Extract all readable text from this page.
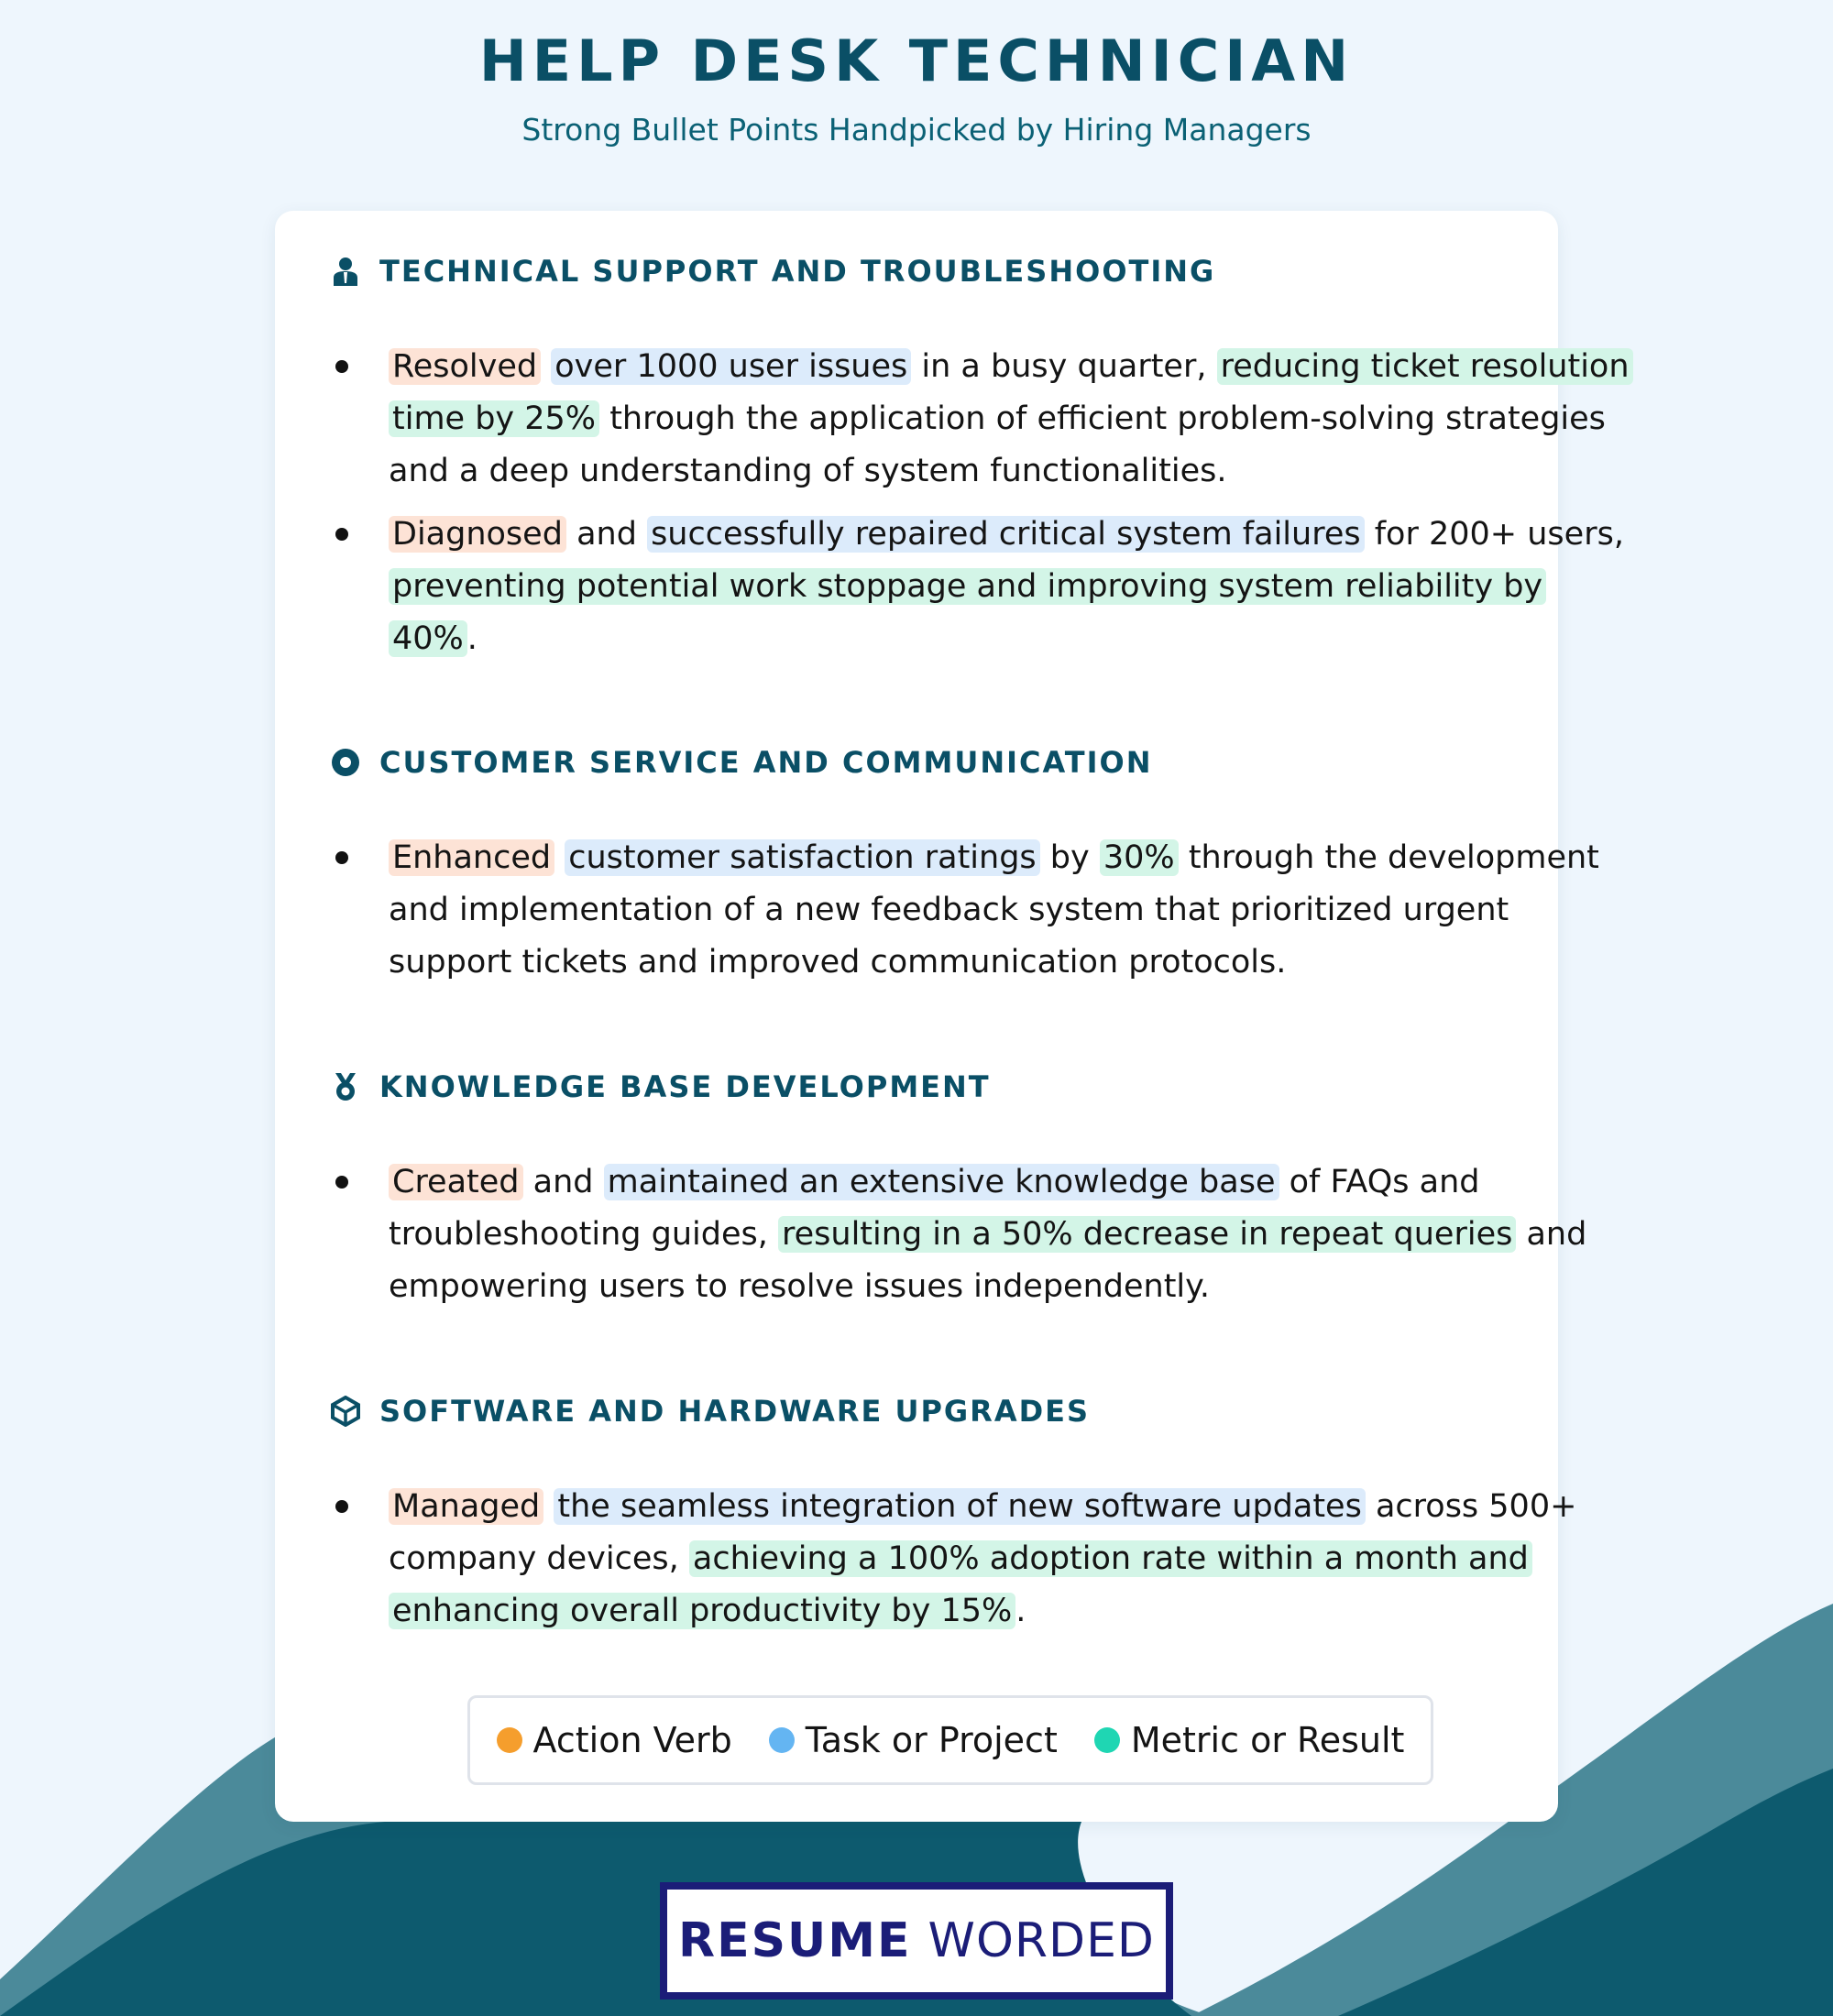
HELP DESK TECHNICIAN
Strong Bullet Points Handpicked by Hiring Managers
TECHNICAL SUPPORT AND TROUBLESHOOTING
Resolved over 1000 user issues in a busy quarter, reducing ticket resolution
time by 25% through the application of efficient problem-solving strategies
and a deep understanding of system functionalities.
Diagnosed and successfully repaired critical system failures for 200+ users,
preventing potential work stoppage and improving system reliability by
40% .
CUSTOMER SERVICE AND COMMUNICATION
Enhanced customer satisfaction ratings by 30% through the development
and implementation of a new feedback system that prioritized urgent
support tickets and improved communication protocols.
KNOWLEDGE BASE DEVELOPMENT
Created and maintained an extensive knowledge base of FAQs and
troubleshooting guides, resulting in a 50% decrease in repeat queries and
empowering users to resolve issues independently.
SOFTWARE AND HARDWARE UPGRADES
Managed the seamless integration of new software updates across 500+
company devices, achieving a 100% adoption rate within a month and
enhancing overall productivity by 15% .
Action Verb Task or Project Metric or Result
RESUME WORDED
